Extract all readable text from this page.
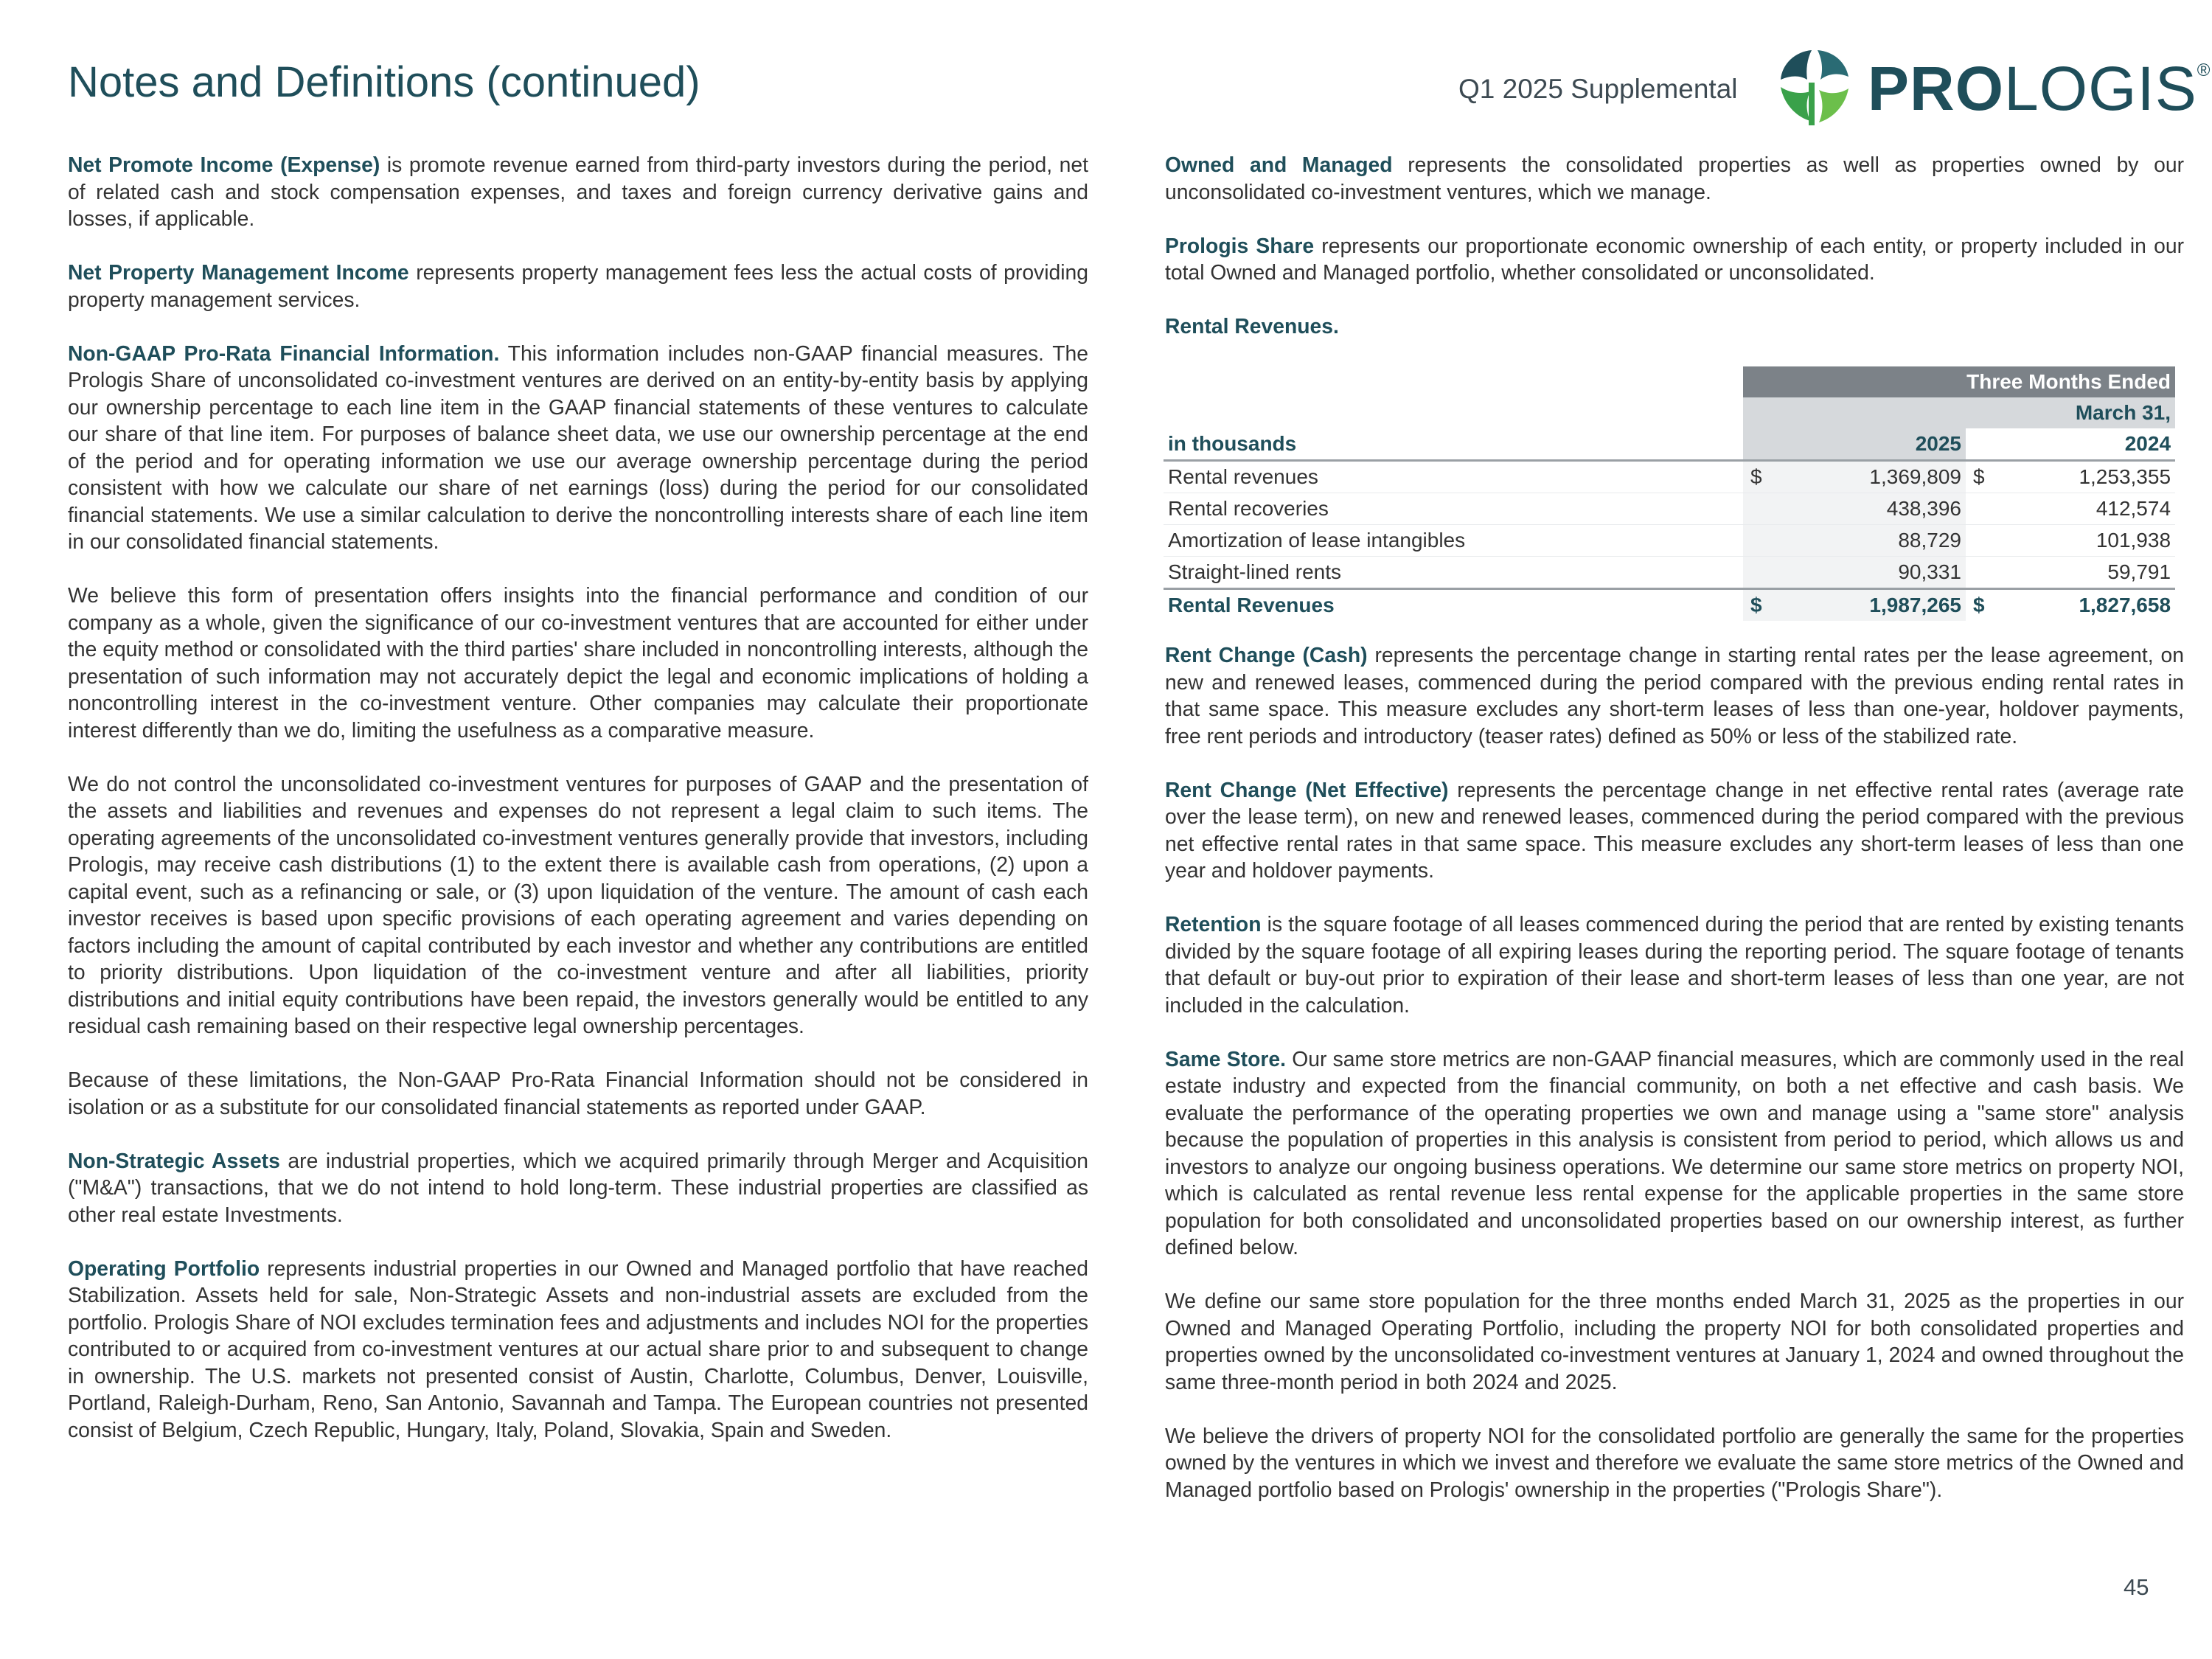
Notes and Definitions (continued)	Q1 2025 Supplemental PROLOGIS®

Net Promote Income (Expense) is promote revenue earned from third-party investors during the period, net of related cash and stock compensation expenses, and taxes and foreign currency derivative gains and losses, if applicable.

Net Property Management Income represents property management fees less the actual costs of providing property management services.

Non-GAAP Pro-Rata Financial Information. This information includes non-GAAP financial measures. The Prologis Share of unconsolidated co-investment ventures are derived on an entity-by-entity basis by applying our ownership percentage to each line item in the GAAP financial statements of these ventures to calculate our share of that line item. For purposes of balance sheet data, we use our ownership percentage at the end of the period and for operating information we use our average ownership percentage during the period consistent with how we calculate our share of net earnings (loss) during the period for our consolidated financial statements. We use a similar calculation to derive the noncontrolling interests share of each line item in our consolidated financial statements.

We believe this form of presentation offers insights into the financial performance and condition of our company as a whole, given the significance of our co-investment ventures that are accounted for either under the equity method or consolidated with the third parties' share included in noncontrolling interests, although the presentation of such information may not accurately depict the legal and economic implications of holding a noncontrolling interest in the co-investment venture. Other companies may calculate their proportionate interest differently than we do, limiting the usefulness as a comparative measure.

We do not control the unconsolidated co-investment ventures for purposes of GAAP and the presentation of the assets and liabilities and revenues and expenses do not represent a legal claim to such items. The operating agreements of the unconsolidated co-investment ventures generally provide that investors, including Prologis, may receive cash distributions (1) to the extent there is available cash from operations, (2) upon a capital event, such as a refinancing or sale, or (3) upon liquidation of the venture. The amount of cash each investor receives is based upon specific provisions of each operating agreement and varies depending on factors including the amount of capital contributed by each investor and whether any contributions are entitled to priority distributions. Upon liquidation of the co-investment venture and after all liabilities, priority distributions and initial equity contributions have been repaid, the investors generally would be entitled to any residual cash remaining based on their respective legal ownership percentages.

Because of these limitations, the Non-GAAP Pro-Rata Financial Information should not be considered in isolation or as a substitute for our consolidated financial statements as reported under GAAP.

Non-Strategic Assets are industrial properties, which we acquired primarily through Merger and Acquisition ("M&A") transactions, that we do not intend to hold long-term. These industrial properties are classified as other real estate Investments.

Operating Portfolio represents industrial properties in our Owned and Managed portfolio that have reached Stabilization. Assets held for sale, Non-Strategic Assets and non-industrial assets are excluded from the portfolio. Prologis Share of NOI excludes termination fees and adjustments and includes NOI for the properties contributed to or acquired from co-investment ventures at our actual share prior to and subsequent to change in ownership. The U.S. markets not presented consist of Austin, Charlotte, Columbus, Denver, Louisville, Portland, Raleigh-Durham, Reno, San Antonio, Savannah and Tampa. The European countries not presented consist of Belgium, Czech Republic, Hungary, Italy, Poland, Slovakia, Spain and Sweden.

Owned and Managed represents the consolidated properties as well as properties owned by our unconsolidated co-investment ventures, which we manage.

Prologis Share represents our proportionate economic ownership of each entity, or property included in our total Owned and Managed portfolio, whether consolidated or unconsolidated.

Rental Revenues.

	Three Months Ended			
	March 31,			
in thousands	2025		2024	
Rental revenues	$	1,369,809	$	1,253,355
Rental recoveries		438,396		412,574
Amortization of lease intangibles		88,729		101,938
Straight-lined rents		90,331		59,791
Rental Revenues	$	1,987,265	$	1,827,658

Rent Change (Cash) represents the percentage change in starting rental rates per the lease agreement, on new and renewed leases, commenced during the period compared with the previous ending rental rates in that same space. This measure excludes any short-term leases of less than one-year, holdover payments, free rent periods and introductory (teaser rates) defined as 50% or less of the stabilized rate.

Rent Change (Net Effective) represents the percentage change in net effective rental rates (average rate over the lease term), on new and renewed leases, commenced during the period compared with the previous net effective rental rates in that same space. This measure excludes any short-term leases of less than one year and holdover payments.

Retention is the square footage of all leases commenced during the period that are rented by existing tenants divided by the square footage of all expiring leases during the reporting period. The square footage of tenants that default or buy-out prior to expiration of their lease and short-term leases of less than one year, are not included in the calculation.

Same Store. Our same store metrics are non-GAAP financial measures, which are commonly used in the real estate industry and expected from the financial community, on both a net effective and cash basis. We evaluate the performance of the operating properties we own and manage using a "same store" analysis because the population of properties in this analysis is consistent from period to period, which allows us and investors to analyze our ongoing business operations. We determine our same store metrics on property NOI, which is calculated as rental revenue less rental expense for the applicable properties in the same store population for both consolidated and unconsolidated properties based on our ownership interest, as further defined below.

We define our same store population for the three months ended March 31, 2025 as the properties in our Owned and Managed Operating Portfolio, including the property NOI for both consolidated properties and properties owned by the unconsolidated co-investment ventures at January 1, 2024 and owned throughout the same three-month period in both 2024 and 2025.

We believe the drivers of property NOI for the consolidated portfolio are generally the same for the properties owned by the ventures in which we invest and therefore we evaluate the same store metrics of the Owned and Managed portfolio based on Prologis' ownership in the properties ("Prologis Share").

45
